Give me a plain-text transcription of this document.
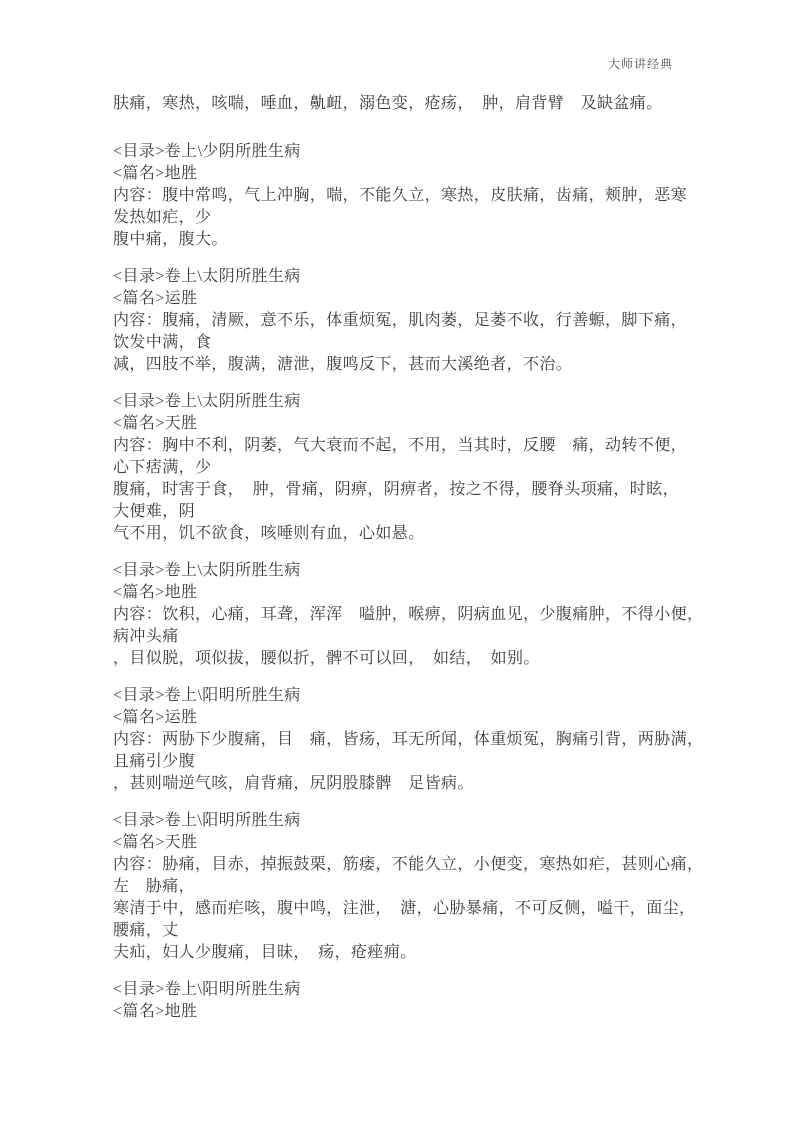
大师讲经典
肤痛，寒热，咳喘，唾血，鼽衄，溺色变，疮疡，　肿，肩背臂　及缺盆痛。
<目录>卷上\少阴所胜生病
<篇名>地胜
内容：腹中常鸣，气上冲胸，喘，不能久立，寒热，皮肤痛，齿痛，颊肿，恶寒
发热如疟，少
腹中痛，腹大。
<目录>卷上\太阴所胜生病
<篇名>运胜
内容：腹痛，清厥，意不乐，体重烦冤，肌肉萎，足萎不收，行善螈，脚下痛，
饮发中满，食
减，四肢不举，腹满，溏泄，腹鸣反下，甚而大溪绝者，不治。
<目录>卷上\太阴所胜生病
<篇名>天胜
内容：胸中不利，阴萎，气大衰而不起，不用，当其时，反腰　痛，动转不便，
心下痞满，少
腹痛，时害于食，　肿，骨痛，阴痹，阴痹者，按之不得，腰脊头项痛，时眩，
大便难，阴
气不用，饥不欲食，咳唾则有血，心如悬。
<目录>卷上\太阴所胜生病
<篇名>地胜
内容：饮积，心痛，耳聋，浑浑　嗌肿，喉痹，阴病血见，少腹痛肿，不得小便，
病冲头痛
，目似脱，项似拔，腰似折，髀不可以回，　如结，　如别。
<目录>卷上\阳明所胜生病
<篇名>运胜
内容：两胁下少腹痛，目　痛，皆疡，耳无所闻，体重烦冤，胸痛引背，两胁满，
且痛引少腹
，甚则喘逆气咳，肩背痛，尻阴股膝髀　足皆病。
<目录>卷上\阳明所胜生病
<篇名>天胜
内容：胁痛，目赤，掉振鼓栗，筋痿，不能久立，小便变，寒热如疟，甚则心痛，
左　胁痛，
寒清于中，感而疟咳，腹中鸣，注泄，　溏，心胁暴痛，不可反侧，嗌干，面尘，
腰痛，丈
夫疝，妇人少腹痛，目昧，　疡，疮痤痈。
<目录>卷上\阳明所胜生病
<篇名>地胜
